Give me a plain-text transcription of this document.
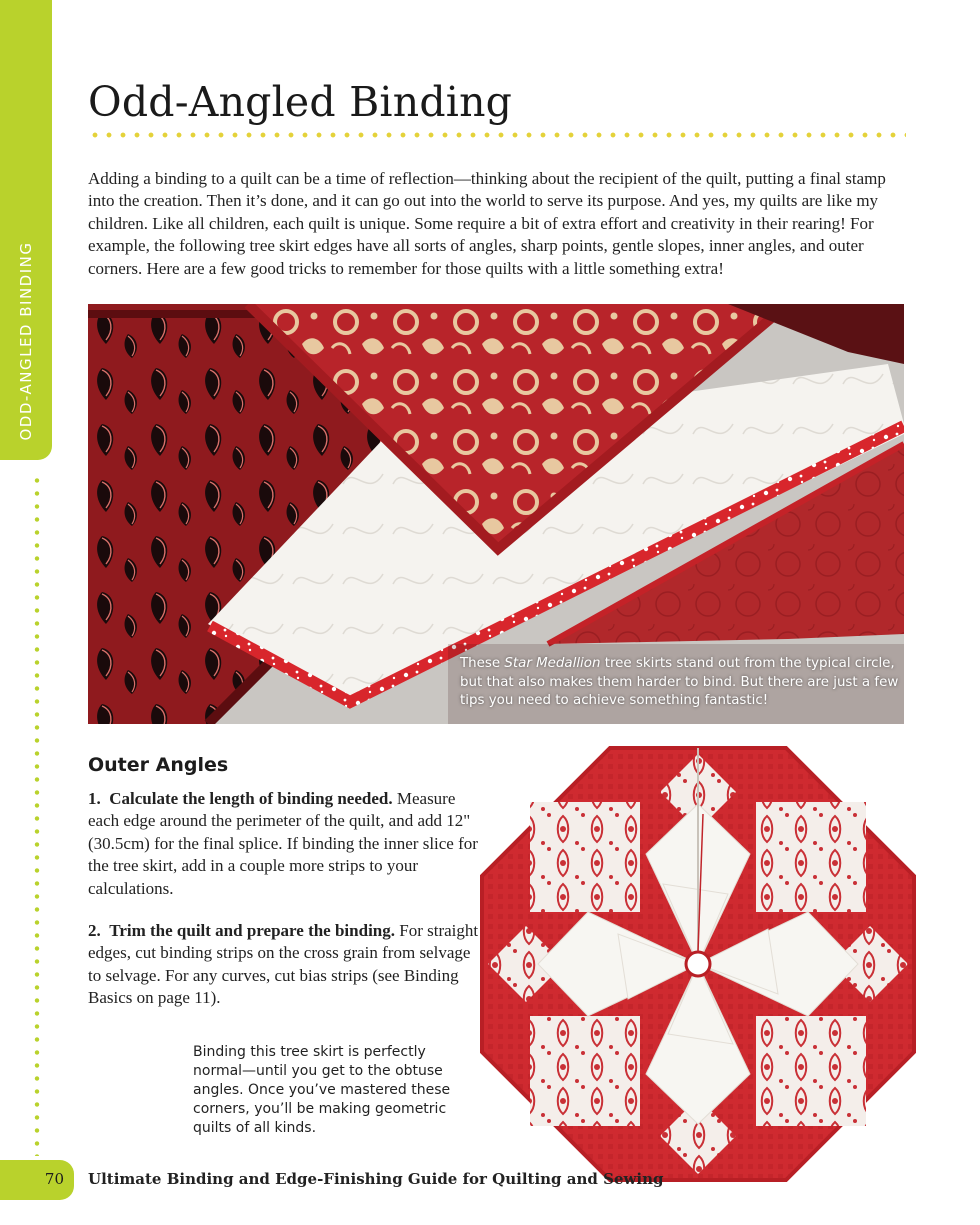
ODD-ANGLED BINDING
Odd-Angled Binding

Adding a binding to a quilt can be a time of reflection—thinking about the recipient of the quilt, putting a final stamp into the creation. Then it’s done, and it can go out into the world to serve its purpose. And yes, my quilts are like my children. Like all children, each quilt is unique. Some require a bit of extra effort and creativity in their rearing! For example, the following tree skirt edges have all sorts of angles, sharp points, gentle slopes, inner angles, and outer corners. Here are a few good tricks to remember for those quilts with a little something extra!

These Star Medallion tree skirts stand out from the typical circle, but that also makes them harder to bind. But there are just a few tips you need to achieve something fantastic!

Outer Angles

1. Calculate the length of binding needed. Measure each edge around the perimeter of the quilt, and add 12" (30.5cm) for the final splice. If binding the inner slice for the tree skirt, add in a couple more strips to your calculations.

2. Trim the quilt and prepare the binding. For straight edges, cut binding strips on the cross grain from selvage to selvage. For any curves, cut bias strips (see Binding Basics on page 11).

Binding this tree skirt is perfectly normal—until you get to the obtuse angles. Once you’ve mastered these corners, you’ll be making geometric quilts of all kinds.

70 Ultimate Binding and Edge-Finishing Guide for Quilting and Sewing
